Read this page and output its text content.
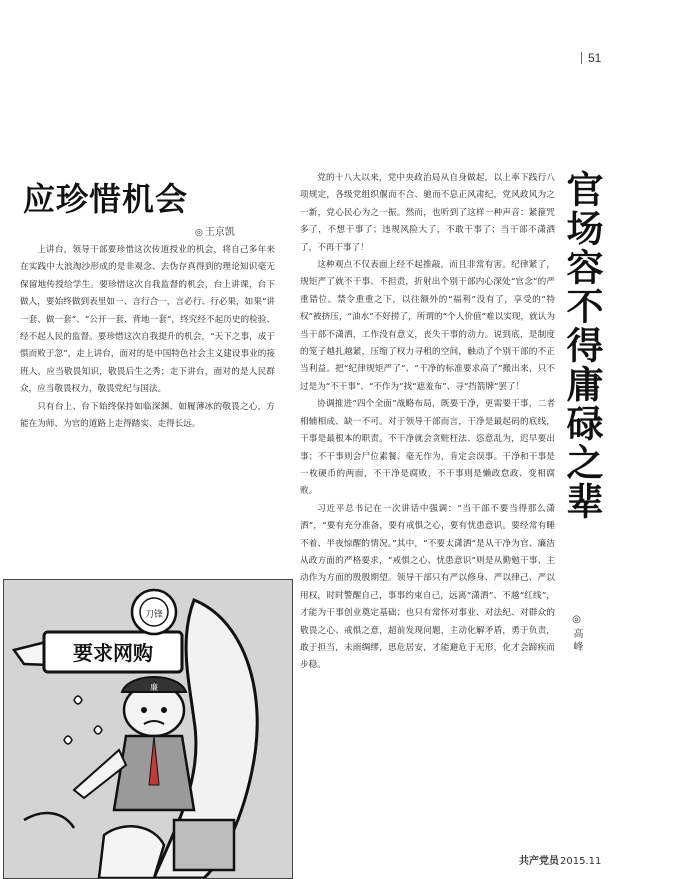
51
应珍惜机会
◎ 王京凯

上讲台，领导干部要珍惜这次传道授业的机会，将自己多年来在实践中大浪淘沙形成的是非观念、去伪存真得到的理论知识毫无保留地传授给学生。要珍惜这次自我监督的机会，台上讲课，台下做人，要始终做到表里如一、言行合一，言必行、行必果，如果“讲一套、做一套”、“公开一套、背地一套”，终究经不起历史的检验、经不起人民的监督。要珍惜这次自我提升的机会，“天下之事，成于惧而败于忽”，走上讲台，面对的是中国特色社会主义建设事业的接班人，应当敬畏知识，敬畏后生之秀；走下讲台，面对的是人民群众，应当敬畏权力，敬畏党纪与国法。

只有台上、台下始终保持如临深渊、如履薄冰的敬畏之心，方能在为师、为官的道路上走得踏实、走得长远。

要求网购
刀锋
廉

党的十八大以来，党中央政治局从自身做起，以上率下践行八项规定，各级党组织偃而不合、驰而不息正风肃纪，党风政风为之一新，党心民心为之一振。然而，也听到了这样一种声音：紧箍咒多了，不想干事了；违规风险大了，不敢干事了；当干部不潇洒了，不再干事了！

这种观点不仅表面上经不起推敲，而且非常有害。纪律紧了，规矩严了就不干事、不担责，折射出个别干部内心深处“官念”的严重错位。禁令重重之下，以往额外的“福利”没有了，享受的“特权”被挤压，“油水”不好捞了，所谓的“个人价值”难以实现，就认为当干部不潇洒，工作没有意义，丧失干事的动力。说到底，是制度的笼子越扎越紧，压缩了权力寻租的空间，触动了个别干部的不正当利益。把“纪律规矩严了”、“干净的标准要求高了”搬出来，只不过是为“不干事”、“不作为”找“遮羞布”、寻“挡箭牌”罢了！

协调推进“四个全面”战略布局，既要干净，更需要干事，二者相辅相成、缺一不可。对于领导干部而言，干净是最起码的底线，干事是最根本的职责。不干净就会贪赃枉法、恣意乱为，迟早要出事；不干事则会尸位素餐、毫无作为，肯定会误事。干净和干事是一枚硬币的两面，不干净是腐败，不干事则是懒政怠政、变相腐败。

习近平总书记在一次讲话中强调：“当干部不要当得那么潇洒”，“要有充分准备，要有戒惧之心，要有忧患意识。要经常有睡不着、半夜惊醒的情况。”其中，“不要太潇洒”是从干净为官、廉洁从政方面的严格要求，“戒惧之心、忧患意识”则是从勤勉干事、主动作为方面的殷殷期望。领导干部只有严以修身、严以律己、严以用权，时时警醒自己，事事约束自己，远离“潇洒”、不越“红线”，才能为干事创业奠定基础；也只有常怀对事业、对法纪、对群众的敬畏之心、戒惧之意，超前发现问题，主动化解矛盾，勇于负责，敢于担当，未雨绸缪，思危居安，才能避危于无形，化才会蹄疾而步稳。

官场容不得庸碌之辈
◎高峰
共产党员2015.11
